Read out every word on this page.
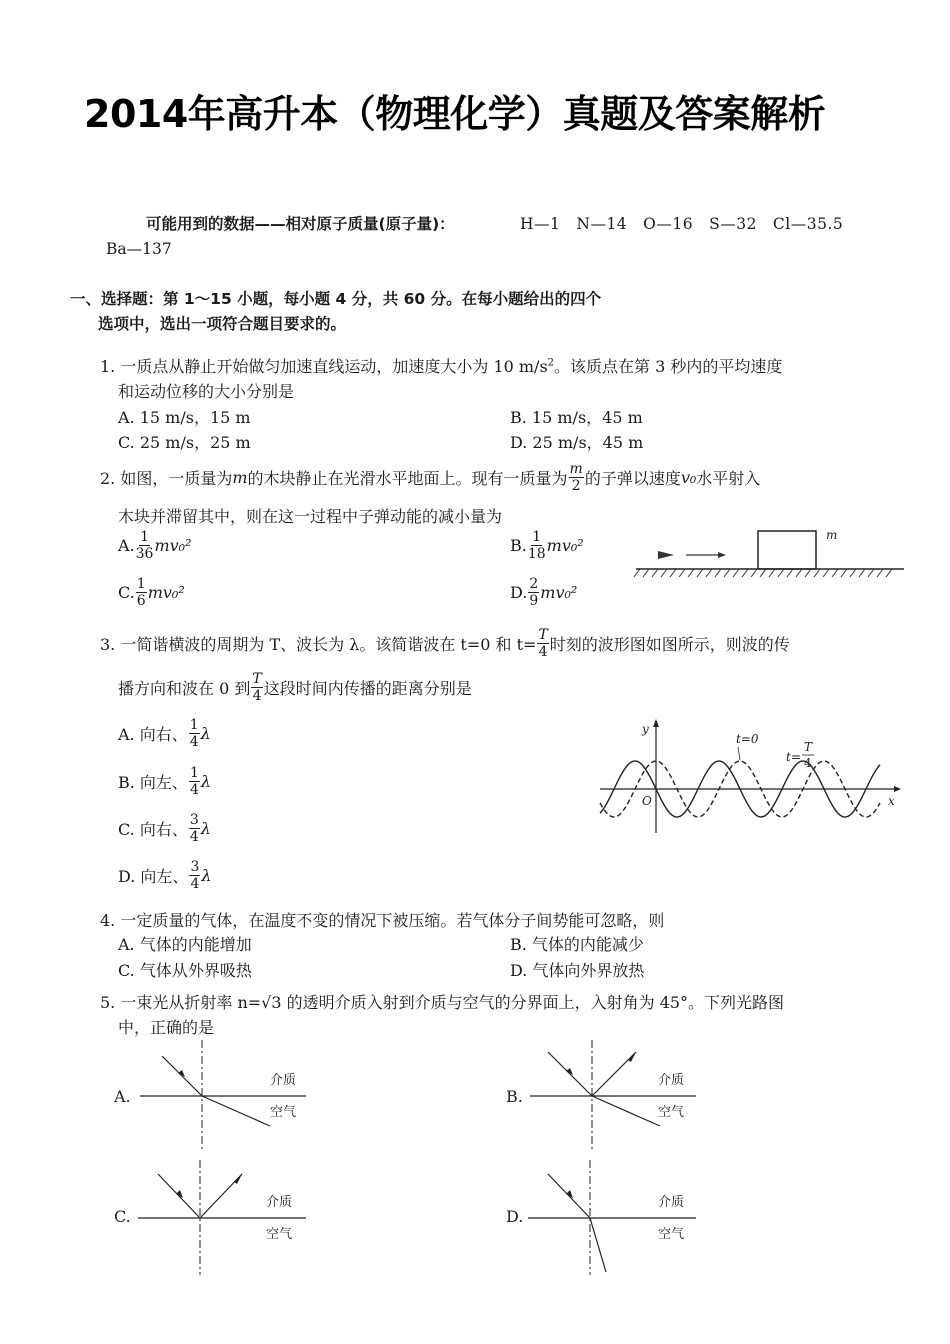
2014年高升本（物理化学）真题及答案解析
可能用到的数据——相对原子质量(原子量)：	H—1　N—14　O—16　S—32　Cl—35.5
Ba—137
一、选择题：第 1～15 小题，每小题 4 分，共 60 分。在每小题给出的四个
选项中，选出一项符合题目要求的。
1. 一质点从静止开始做匀加速直线运动，加速度大小为 10 $m/s^2$。该质点在第 3 秒内的平均速度
和运动位移的大小分别是
A. 15 m/s，15 m	B. 15 m/s，45 m
C. 25 m/s，25 m	D. 25 m/s，45 m
2. 如图，一质量为 m 的木块静止在光滑水平地面上。现有一质量为 $\frac{m}{2}$ 的子弹以速度 v₀ 水平射入
木块并滞留其中，则在这一过程中子弹动能的减小量为
A. $\frac{1}{36} mv_0^2$	B. $\frac{1}{18} mv_0^2$
C. $\frac{1}{6} mv_0^2$	D. $\frac{2}{9} mv_0^2$
m
3. 一简谐横波的周期为 T、波长为 λ。该简谐波在 t=0 和 $t= \frac{T}{4}$ 时刻的波形图如图所示，则波的传
播方向和波在 0 到 $\frac{T}{4}$ 这段时间内传播的距离分别是
A. 向右、 $\frac{1}{4}$ λ
B. 向左、 $\frac{1}{4}$ λ
C. 向右、 $\frac{3}{4}$ λ
D. 向左、 $\frac{3}{4}$ λ
y
x
O
t=0
t=
T
4
4. 一定质量的气体，在温度不变的情况下被压缩。若气体分子间势能可忽略，则
A. 气体的内能增加	B. 气体的内能减少
C. 气体从外界吸热	D. 气体向外界放热
5. 一束光从折射率 n=√3 的透明介质入射到介质与空气的分界面上，入射角为 45°。下列光路图
中，正确的是
A.
介质
空气
B.
介质
空气
C.
介质
空气
D.
介质
空气
